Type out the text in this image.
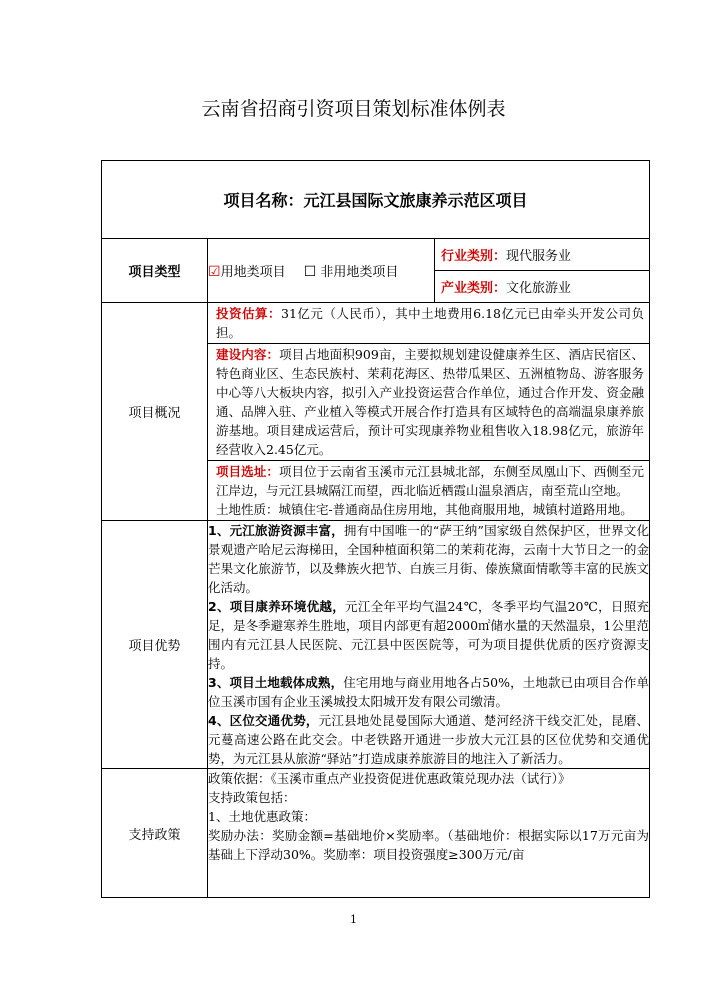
云南省招商引资项目策划标准体例表
项目名称：元江县国际文旅康养示范区项目		
项目类型	☑用地类项目 ☐ 非用地类项目	行业类别： 现代服务业
产业类别： 文化旅游业

项目概况	投资估算：31亿元（人民币），其中土地费用6.18亿元已由牵头开发公司负担。
建设内容：项目占地面积909亩，主要拟规划建设健康养生区、酒店民宿区、特色商业区、生态民族村、茉莉花海区、热带瓜果区、五洲植物岛、游客服务中心等八大板块内容，拟引入产业投资运营合作单位，通过合作开发、资金融通、品牌入驻、产业植入等模式开展合作打造具有区域特色的高端温泉康养旅游基地。项目建成运营后，预计可实现康养物业租售收入18.98亿元，旅游年经营收入2.45亿元。
项目选址：项目位于云南省玉溪市元江县城北部，东侧至凤凰山下、西侧至元江岸边，与元江县城隔江而望，西北临近栖霞山温泉酒店，南至荒山空地。
土地性质：城镇住宅-普通商品住房用地，其他商服用地，城镇村道路用地。	

项目优势	1、元江旅游资源丰富，拥有中国唯一的“萨王纳”国家级自然保护区，世界文化景观遗产哈尼云海梯田，全国种植面积第二的茉莉花海，云南十大节日之一的金芒果文化旅游节，以及彝族火把节、白族三月街、傣族黛面情歌等丰富的民族文化活动。
2、项目康养环境优越，元江全年平均气温24℃，冬季平均气温20℃，日照充足，是冬季避寒养生胜地，项目内部更有超2000㎡储水量的天然温泉，1公里范围内有元江县人民医院、元江县中医医院等，可为项目提供优质的医疗资源支持。
3、项目土地载体成熟，住宅用地与商业用地各占50%，土地款已由项目合作单位玉溪市国有企业玉溪城投太阳城开发有限公司缴清。
4、区位交通优势，元江县地处昆曼国际大通道、楚河经济干线交汇处，昆磨、元蔓高速公路在此交会。中老铁路开通进一步放大元江县的区位优势和交通优势，为元江县从旅游“驿站”打造成康养旅游目的地注入了新活力。	

支持政策	政策依据：《玉溪市重点产业投资促进优惠政策兑现办法（试行）》
支持政策包括：
1、土地优惠政策：
奖励办法：奖励金额=基础地价×奖励率。（基础地价：根据实际以17万元亩为基础上下浮动30%。奖励率：项目投资强度≥300万元/亩	
1
